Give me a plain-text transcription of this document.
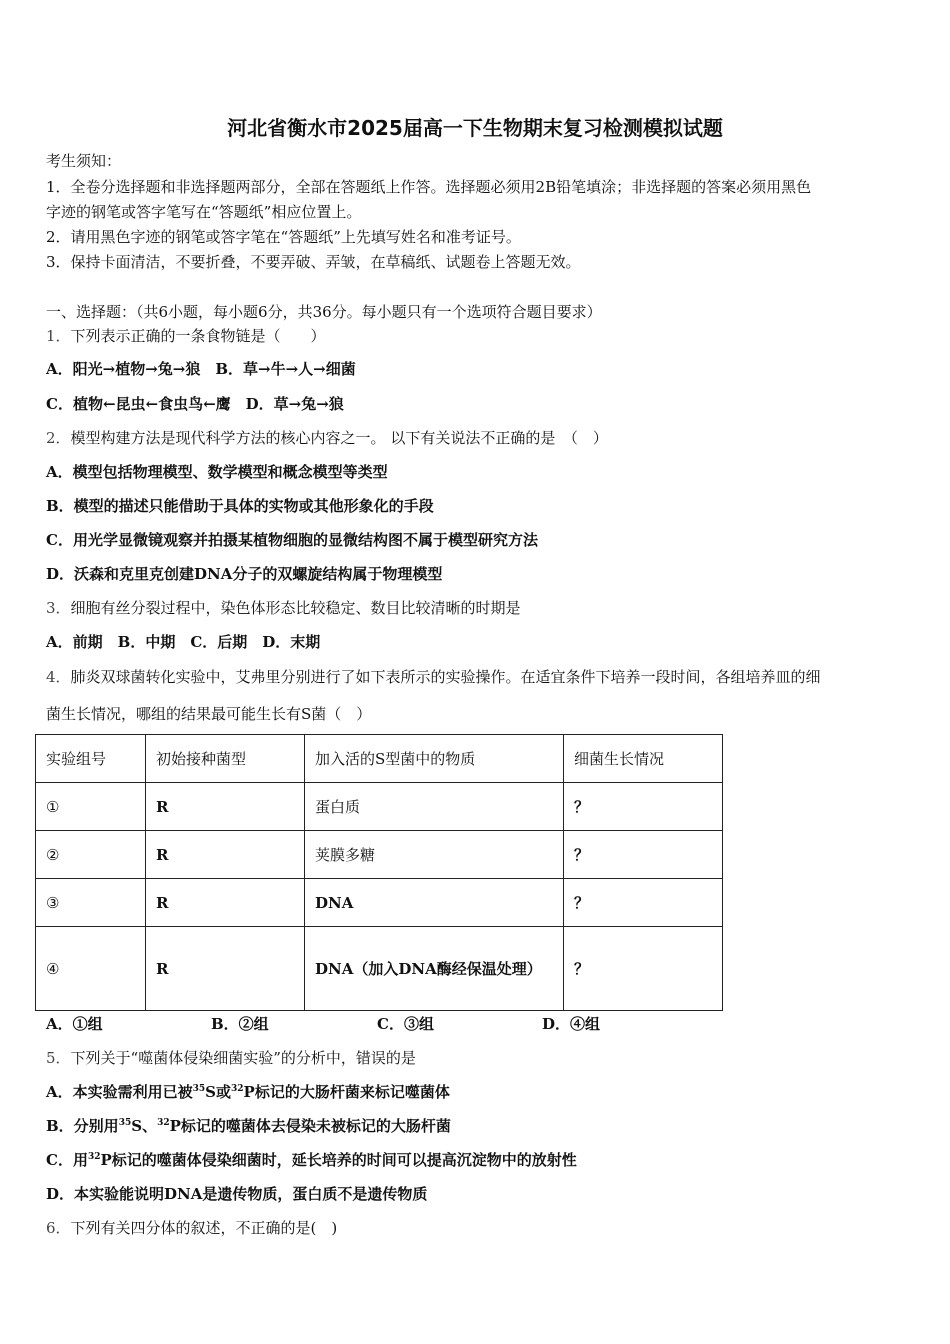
河北省衡水市2025届高一下生物期末复习检测模拟试题
考生须知：
1．全卷分选择题和非选择题两部分，全部在答题纸上作答。选择题必须用2B铅笔填涂；非选择题的答案必须用黑色
字迹的钢笔或答字笔写在“答题纸”相应位置上。
2．请用黑色字迹的钢笔或答字笔在“答题纸”上先填写姓名和准考证号。
3．保持卡面清洁，不要折叠，不要弄破、弄皱，在草稿纸、试题卷上答题无效。
一、选择题：（共6小题，每小题6分，共36分。每小题只有一个选项符合题目要求）
1．下列表示正确的一条食物链是（　　）
A．阳光→植物→兔→狼　B．草→牛→人→细菌
C．植物←昆虫←食虫鸟←鹰　D．草→兔→狼
2．模型构建方法是现代科学方法的核心内容之一。 以下有关说法不正确的是　（　）
A．模型包括物理模型、数学模型和概念模型等类型
B．模型的描述只能借助于具体的实物或其他形象化的手段
C．用光学显微镜观察并拍摄某植物细胞的显微结构图不属于模型研究方法
D．沃森和克里克创建DNA分子的双螺旋结构属于物理模型
3．细胞有丝分裂过程中，染色体形态比较稳定、数目比较清晰的时期是
A．前期　B．中期　C．后期　D．末期
4．肺炎双球菌转化实验中，艾弗里分别进行了如下表所示的实验操作。在适宜条件下培养一段时间，各组培养皿的细
菌生长情况，哪组的结果最可能生长有S菌（　）
实验组号	初始接种菌型	加入活的S型菌中的物质	细菌生长情况
①	R	蛋白质	？
②	R	荚膜多糖	？
③	R	DNA	？
④	R	DNA（加入DNA酶经保温处理）	？
A．①组	B．②组	C．③组	D．④组
5．下列关于“噬菌体侵染细菌实验”的分析中，错误的是
A．本实验需利用已被$^{35}$S或$^{32}$P标记的大肠杆菌来标记噬菌体
B．分别用$^{35}$S、$^{32}$P标记的噬菌体去侵染未被标记的大肠杆菌
C．用$^{32}$P标记的噬菌体侵染细菌时，延长培养的时间可以提高沉淀物中的放射性
D．本实验能说明DNA是遗传物质，蛋白质不是遗传物质
6．下列有关四分体的叙述，不正确的是(　)
